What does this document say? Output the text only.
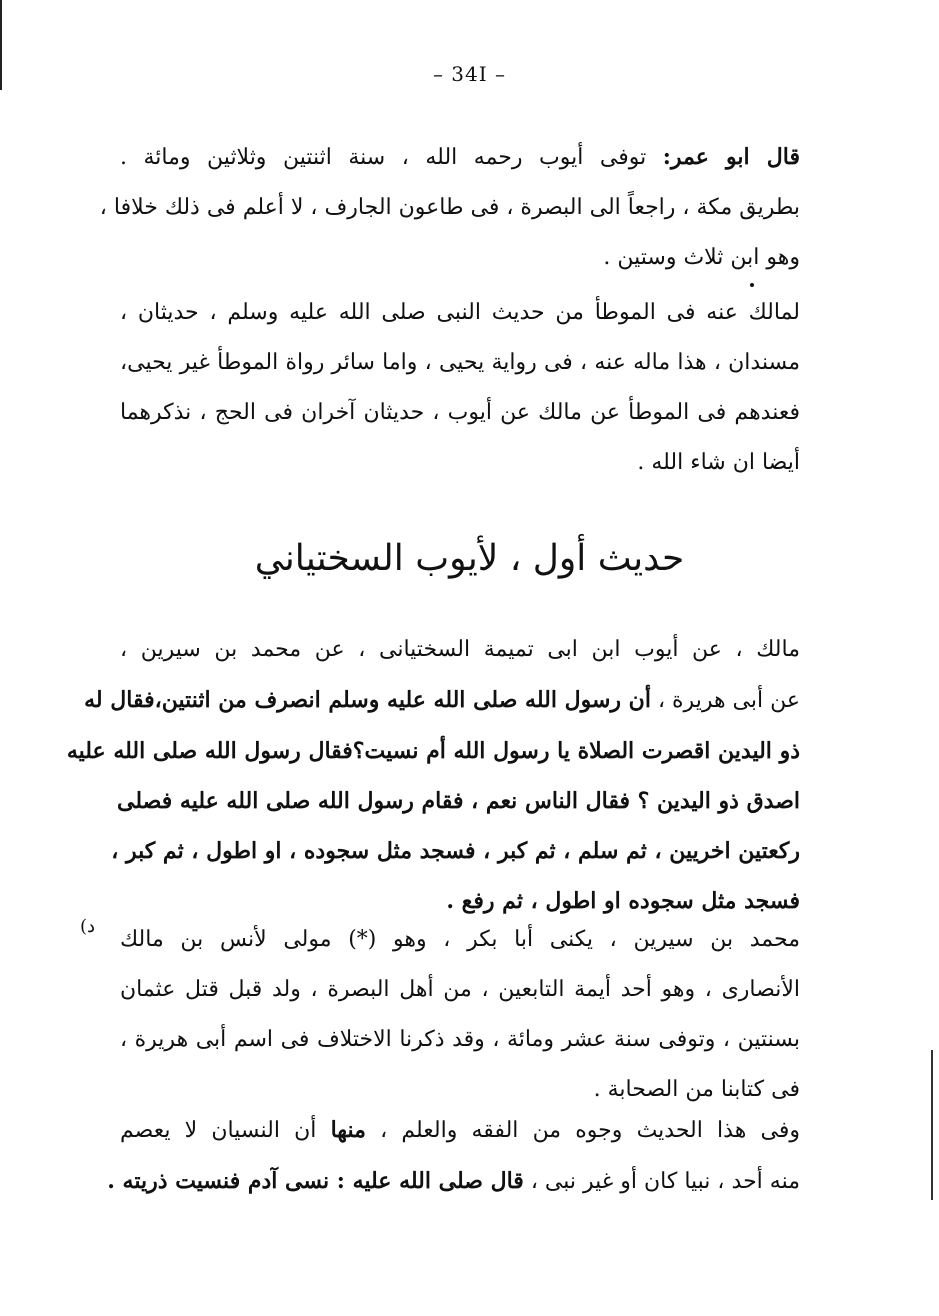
– 34I –
قال ابو عمر: توفى أيوب رحمه الله ، سنة اثنتين وثلاثين ومائة .
بطريق مكة ، راجعاً الى البصرة ، فى طاعون الجارف ، لا أعلم فى ذلك خلافا ،
وهو ابن ثلاث وستين .
لمالك عنه فى الموطأ من حديث النبى صلى الله عليه وسلم ، حديثان ،
مسندان ، هذا ماله عنه ، فى رواية يحيى ، واما سائر رواة الموطأ غير يحيى،
فعندهم فى الموطأ عن مالك عن أيوب ، حديثان آخران فى الحج ، نذكرهما
أيضا ان شاء الله .
حديث أول ، لأيوب السختياني
مالك ، عن أيوب ابن ابى تميمة السختيانى ، عن محمد بن سيرين ،
عن أبى هريرة ، أن رسول الله صلى الله عليه وسلم انصرف من اثنتين،فقال له
ذو اليدين اقصرت الصلاة يا رسول الله أم نسيت؟فقال رسول الله صلى الله عليه
اصدق ذو اليدين ؟ فقال الناس نعم ، فقام رسول الله صلى الله عليه فصلى
ركعتين اخريين ، ثم سلم ، ثم كبر ، فسجد مثل سجوده ، او اطول ، ثم كبر ،
فسجد مثل سجوده او اطول ، ثم رفع .
(د
محمد بن سيرين ، يكنى أبا بكر ، وهو (*) مولى لأنس بن مالك
الأنصارى ، وهو أحد أيمة التابعين ، من أهل البصرة ، ولد قبل قتل عثمان
بسنتين ، وتوفى سنة عشر ومائة ، وقد ذكرنا الاختلاف فى اسم أبى هريرة ،
فى كتابنا من الصحابة .
وفى هذا الحديث وجوه من الفقه والعلم ، منها أن النسيان لا يعصم
منه أحد ، نبيا كان أو غير نبى ، قال صلى الله عليه : نسى آدم فنسيت ذريته .
